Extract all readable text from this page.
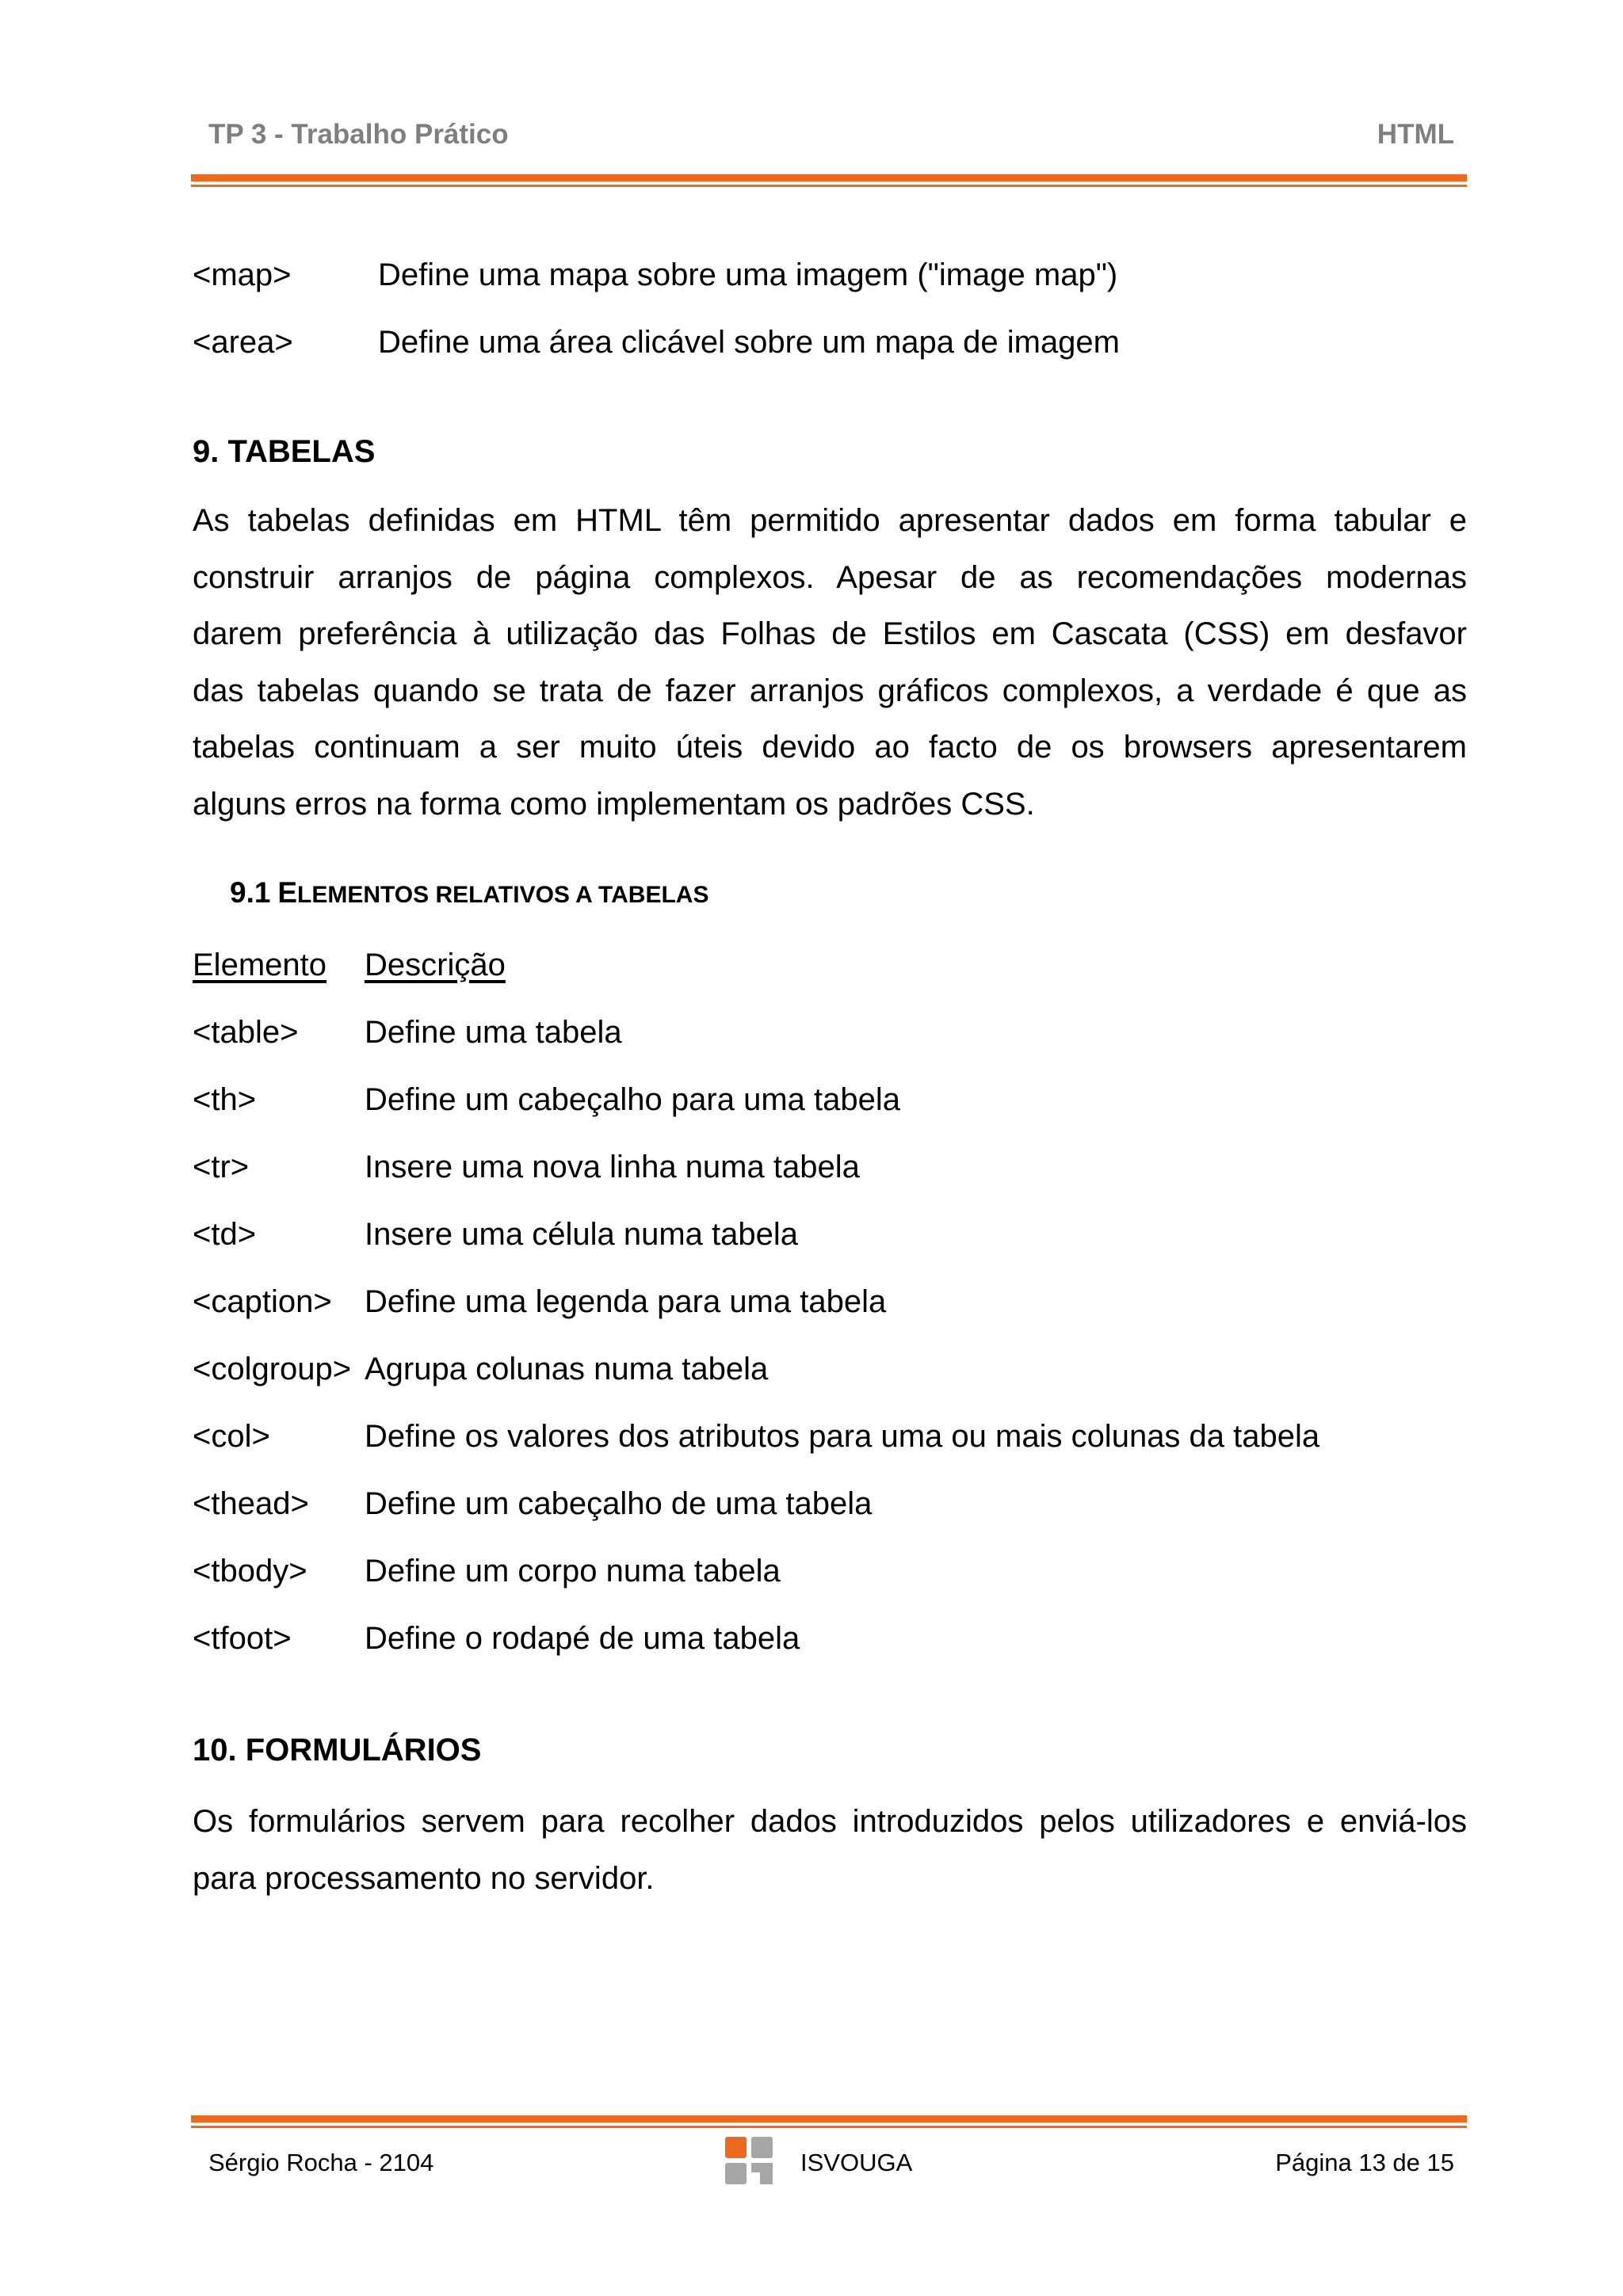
TP 3 - Trabalho Prático	HTML
<map>	Define uma mapa sobre uma imagem ("image map")
<area>	Define uma área clicável sobre um mapa de imagem
9. TABELAS
As tabelas definidas em HTML têm permitido apresentar dados em forma tabular e
construir arranjos de página complexos. Apesar de as recomendações modernas
darem preferência à utilização das Folhas de Estilos em Cascata (CSS) em desfavor
das tabelas quando se trata de fazer arranjos gráficos complexos, a verdade é que as
tabelas continuam a ser muito úteis devido ao facto de os browsers apresentarem
alguns erros na forma como implementam os padrões CSS.
9.1 ELEMENTOS RELATIVOS A TABELAS
Elemento Descrição
<table> Define uma tabela
<th>	Define um cabeçalho para uma tabela
<tr>	Insere uma nova linha numa tabela
<td>	Insere uma célula numa tabela
<caption> Define uma legenda para uma tabela
<colgroup> Agrupa colunas numa tabela
<col>	Define os valores dos atributos para uma ou mais colunas da tabela
<thead> Define um cabeçalho de uma tabela
<tbody> Define um corpo numa tabela
<tfoot> Define o rodapé de uma tabela
10. FORMULÁRIOS
Os formulários servem para recolher dados introduzidos pelos utilizadores e enviá-los
para processamento no servidor.
Sérgio Rocha - 2104	ISVOUGA	Página 13 de 15
